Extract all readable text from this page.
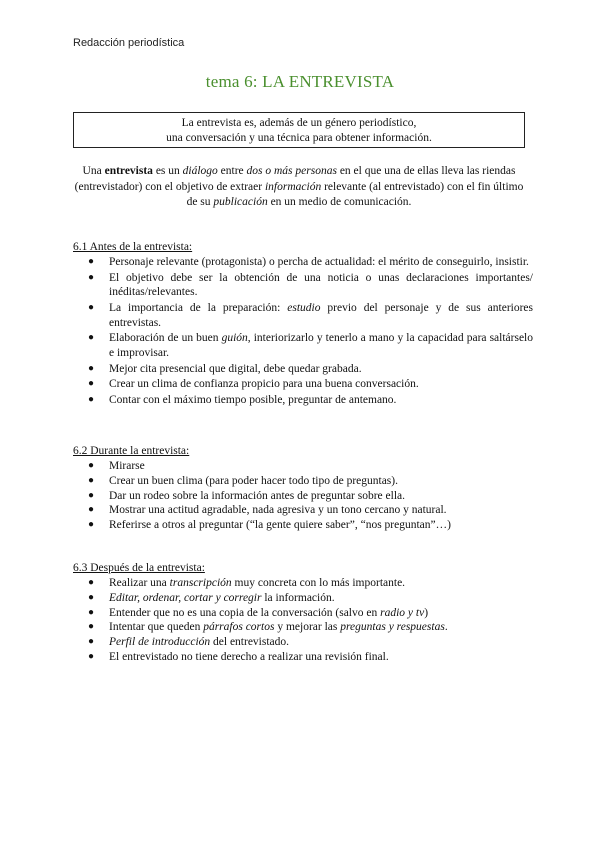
Redacción periodística
tema 6: LA ENTREVISTA
La entrevista es, además de un género periodístico,
una conversación y una técnica para obtener información.
Una entrevista es un diálogo entre dos o más personas en el que una de ellas lleva las riendas (entrevistador) con el objetivo de extraer información relevante (al entrevistado) con el fin último de su publicación en un medio de comunicación.
6.1 Antes de la entrevista:
● Personaje relevante (protagonista) o percha de actualidad: el mérito de conseguirlo, insistir.
● El objetivo debe ser la obtención de una noticia o unas declaraciones importantes/ inéditas/relevantes.
● La importancia de la preparación: estudio previo del personaje y de sus anteriores entrevistas.
● Elaboración de un buen guión, interiorizarlo y tenerlo a mano y la capacidad para saltárselo e improvisar.
● Mejor cita presencial que digital, debe quedar grabada.
● Crear un clima de confianza propicio para una buena conversación.
● Contar con el máximo tiempo posible, preguntar de antemano.
6.2 Durante la entrevista:
● Mirarse
● Crear un buen clima (para poder hacer todo tipo de preguntas).
● Dar un rodeo sobre la información antes de preguntar sobre ella.
● Mostrar una actitud agradable, nada agresiva y un tono cercano y natural.
● Referirse a otros al preguntar (“la gente quiere saber”, “nos preguntan”…)
6.3 Después de la entrevista:
● Realizar una transcripción muy concreta con lo más importante.
● Editar, ordenar, cortar y corregir la información.
● Entender que no es una copia de la conversación (salvo en radio y tv)
● Intentar que queden párrafos cortos y mejorar las preguntas y respuestas.
● Perfil de introducción del entrevistado.
● El entrevistado no tiene derecho a realizar una revisión final.
